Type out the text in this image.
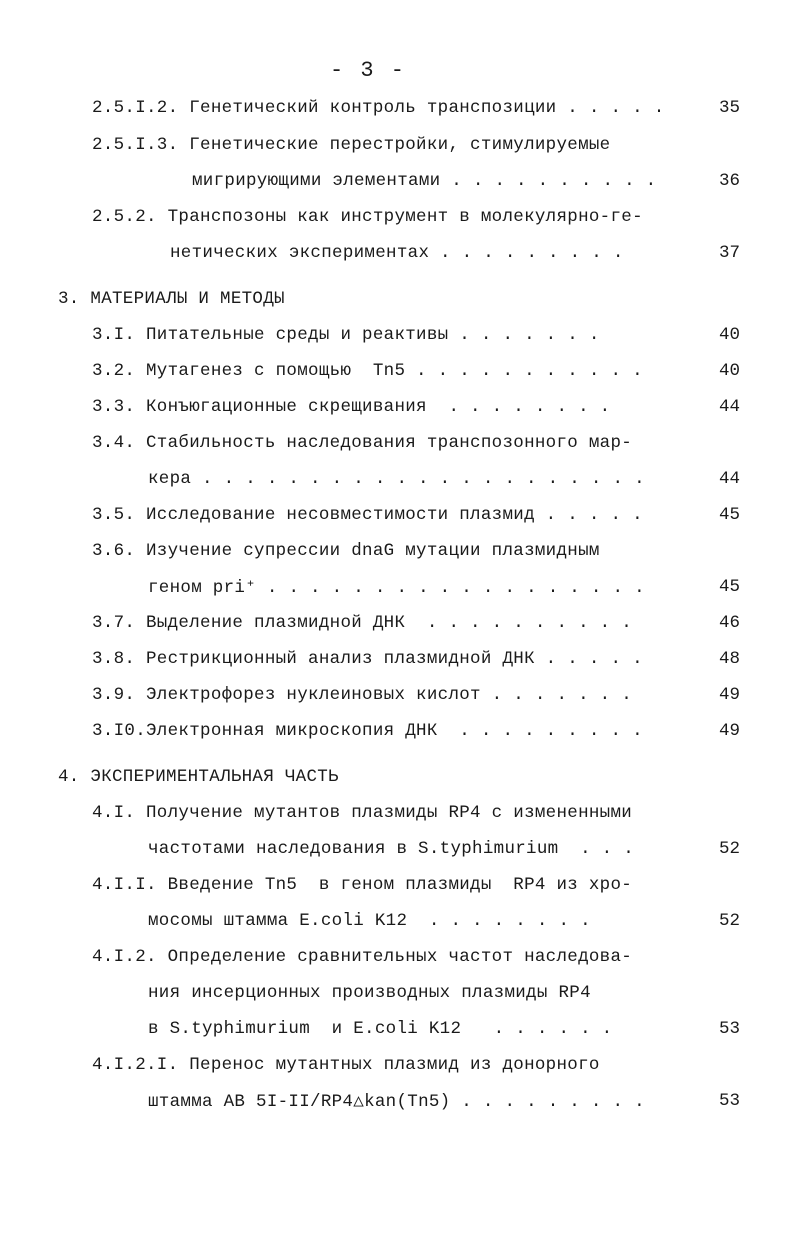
- 3 -
2.5.I.2. Генетический контроль транспозиции . . . . .	35
2.5.I.3. Генетические перестройки, стимулируемые
мигрирующими элементами . . . . . . . . . .	36
2.5.2. Транспозоны как инструмент в молекулярно-ге-
нетических экспериментах . . . . . . . . .	37
3. МАТЕРИАЛЫ И МЕТОДЫ
3.I. Питательные среды и реактивы . . . . . . .	40
3.2. Мутагенез с помощью  Tn5 . . . . . . . . . . .	40
3.3. Конъюгационные скрещивания  . . . . . . . .	44
3.4. Стабильность наследования транспозонного мар-
кера . . . . . . . . . . . . . . . . . . . . .	44
3.5. Исследование несовместимости плазмид . . . . .	45
3.6. Изучение супрессии dnaG мутации плазмидным
геном pri⁺ . . . . . . . . . . . . . . . . . .	45
3.7. Выделение плазмидной ДНК  . . . . . . . . . .	46
3.8. Рестрикционный анализ плазмидной ДНК . . . . .	48
3.9. Электрофорез нуклеиновых кислот . . . . . . .	49
3.I0.Электронная микроскопия ДНК  . . . . . . . . .	49
4. ЭКСПЕРИМЕНТАЛЬНАЯ ЧАСТЬ
4.I. Получение мутантов плазмиды RP4 с измененными
частотами наследования в S.typhimurium  . . .	52
4.I.I. Введение Tn5  в геном плазмиды  RP4 из хро-
мосомы штамма E.coli K12  . . . . . . . .	52
4.I.2. Определение сравнительных частот наследова-
ния инсерционных производных плазмиды RP4
в S.typhimurium  и E.coli K12   . . . . . .	53
4.I.2.I. Перенос мутантных плазмид из донорного
штамма АВ 5I-II/RP4△kan(Tn5) . . . . . . . . .	53
